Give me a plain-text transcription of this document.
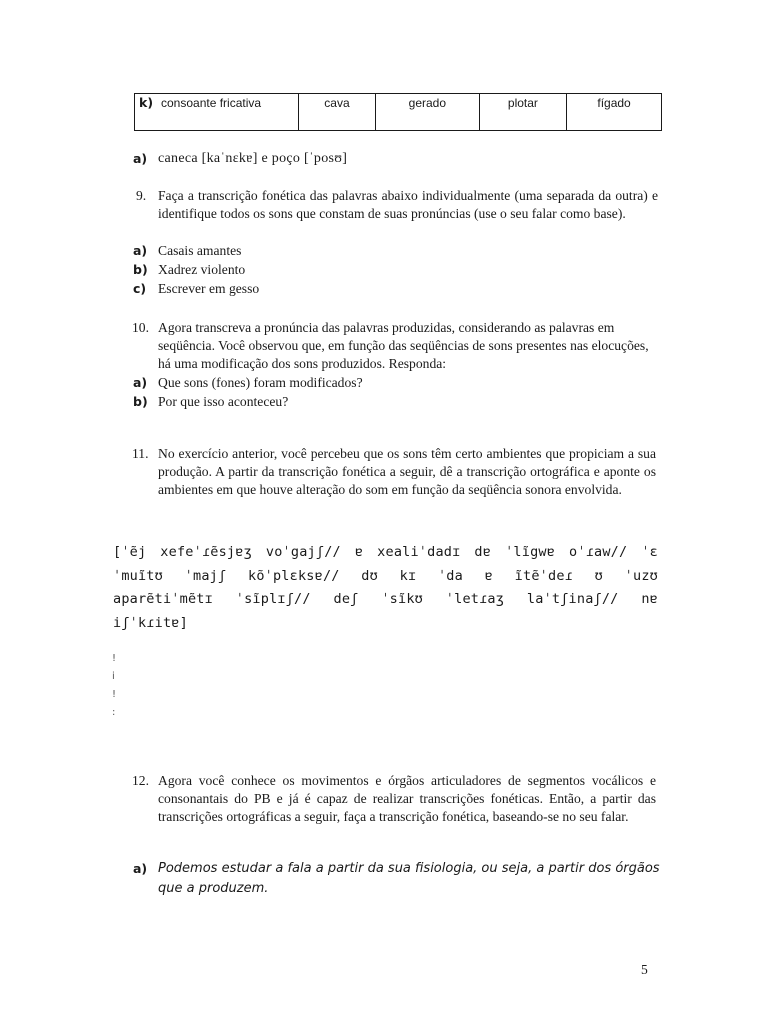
k) consoante fricativa	cava	gerado	plotar	fígado
a) caneca [kaˈnɛkɐ] e poço [ˈposʊ]
9. Faça a transcrição fonética das palavras abaixo individualmente (uma separada da outra) e identifique todos os sons que constam de suas pronúncias (use o seu falar como base).
a) Casais amantes
b) Xadrez violento
c) Escrever em gesso
10. Agora transcreva a pronúncia das palavras produzidas, considerando as palavras em seqüência. Você observou que, em função das seqüências de sons presentes nas elocuções, há uma modificação dos sons produzidos. Responda:
a) Que sons (fones) foram modificados?
b) Por que isso aconteceu?
11. No exercício anterior, você percebeu que os sons têm certo ambientes que propiciam a sua produção. A partir da transcrição fonética a seguir, dê a transcrição ortográfica e aponte os ambientes em que houve alteração do som em função da seqüência sonora envolvida.
[ˈẽj xefeˈɾẽsjɐʒ voˈgajʃ// ɐ xealiˈdadɪ dɐ ˈlĩgwɐ oˈɾaw// ˈɛ
ˈmuĩtʊ ˈmajʃ kõˈplɛksɐ// dʊ kɪ ˈda ɐ ĩtẽˈdeɾ ʊ ˈuzʊ
aparẽtiˈmẽtɪ ˈsĩplɪʃ// deʃ ˈsĩkʊ ˈletɾaʒ laˈtʃinaʃ// nɐ
iʃˈkɾitɐ]
!
i
!
:
12. Agora você conhece os movimentos e órgãos articuladores de segmentos vocálicos e consonantais do PB e já é capaz de realizar transcrições fonéticas. Então, a partir das transcrições ortográficas a seguir, faça a transcrição fonética, baseando-se no seu falar.
a) Podemos estudar a fala a partir da sua fisiologia, ou seja, a partir dos órgãos que a produzem.
5
